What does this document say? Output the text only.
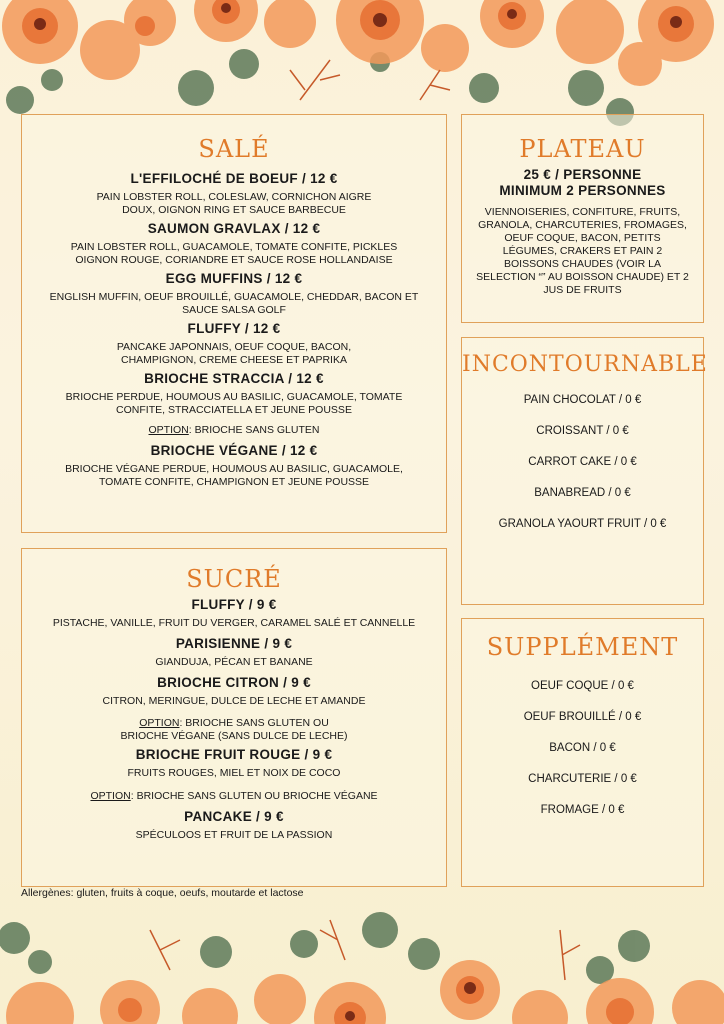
SALÉ
L'EFFILOCHÉ DE BOEUF / 12 €
PAIN LOBSTER ROLL, COLESLAW, CORNICHON AIGRE DOUX, OIGNON RING ET SAUCE BARBECUE
SAUMON GRAVLAX / 12 €
PAIN LOBSTER ROLL, GUACAMOLE, TOMATE CONFITE, PICKLES OIGNON ROUGE, CORIANDRE ET SAUCE ROSE HOLLANDAISE
EGG MUFFINS / 12 €
ENGLISH MUFFIN, OEUF BROUILLÉ, GUACAMOLE, CHEDDAR, BACON ET SAUCE SALSA GOLF
FLUFFY / 12 €
PANCAKE JAPONNAIS, OEUF COQUE, BACON, CHAMPIGNON, CREME CHEESE ET PAPRIKA
BRIOCHE STRACCIA / 12 €
BRIOCHE PERDUE, HOUMOUS AU BASILIC, GUACAMOLE, TOMATE CONFITE, STRACCIATELLA ET JEUNE POUSSE
OPTION: BRIOCHE SANS GLUTEN
BRIOCHE VÉGANE / 12 €
BRIOCHE VÉGANE PERDUE, HOUMOUS AU BASILIC, GUACAMOLE, TOMATE CONFITE, CHAMPIGNON ET JEUNE POUSSE
SUCRÉ
FLUFFY / 9 €
PISTACHE, VANILLE, FRUIT DU VERGER, CARAMEL SALÉ ET CANNELLE
PARISIENNE / 9 €
GIANDUJA, PÉCAN ET BANANE
BRIOCHE CITRON / 9 €
CITRON, MERINGUE, DULCE DE LECHE ET AMANDE
OPTION: BRIOCHE SANS GLUTEN OU
BRIOCHE VÉGANE (SANS DULCE DE LECHE)
BRIOCHE FRUIT ROUGE / 9 €
FRUITS ROUGES, MIEL ET NOIX DE COCO
OPTION: BRIOCHE SANS GLUTEN OU BRIOCHE VÉGANE
PANCAKE / 9 €
SPÉCULOOS ET FRUIT DE LA PASSION
PLATEAU
25 € / PERSONNE
MINIMUM 2 PERSONNES
VIENNOISERIES, CONFITURE, FRUITS, GRANOLA, CHARCUTERIES, FROMAGES, OEUF COQUE, BACON, PETITS LÉGUMES, CRAKERS ET PAIN 2 BOISSONS CHAUDES (VOIR LA SELECTION “” AU BOISSON CHAUDE) ET 2 JUS DE FRUITS
INCONTOURNABLE
PAIN CHOCOLAT / 0 €
CROISSANT / 0 €
CARROT CAKE / 0 €
BANABREAD / 0 €
GRANOLA YAOURT FRUIT / 0 €
SUPPLÉMENT
OEUF COQUE / 0 €
OEUF BROUILLÉ / 0 €
BACON / 0 €
CHARCUTERIE / 0 €
FROMAGE / 0 €
Allergènes: gluten, fruits à coque, oeufs, moutarde et lactose
